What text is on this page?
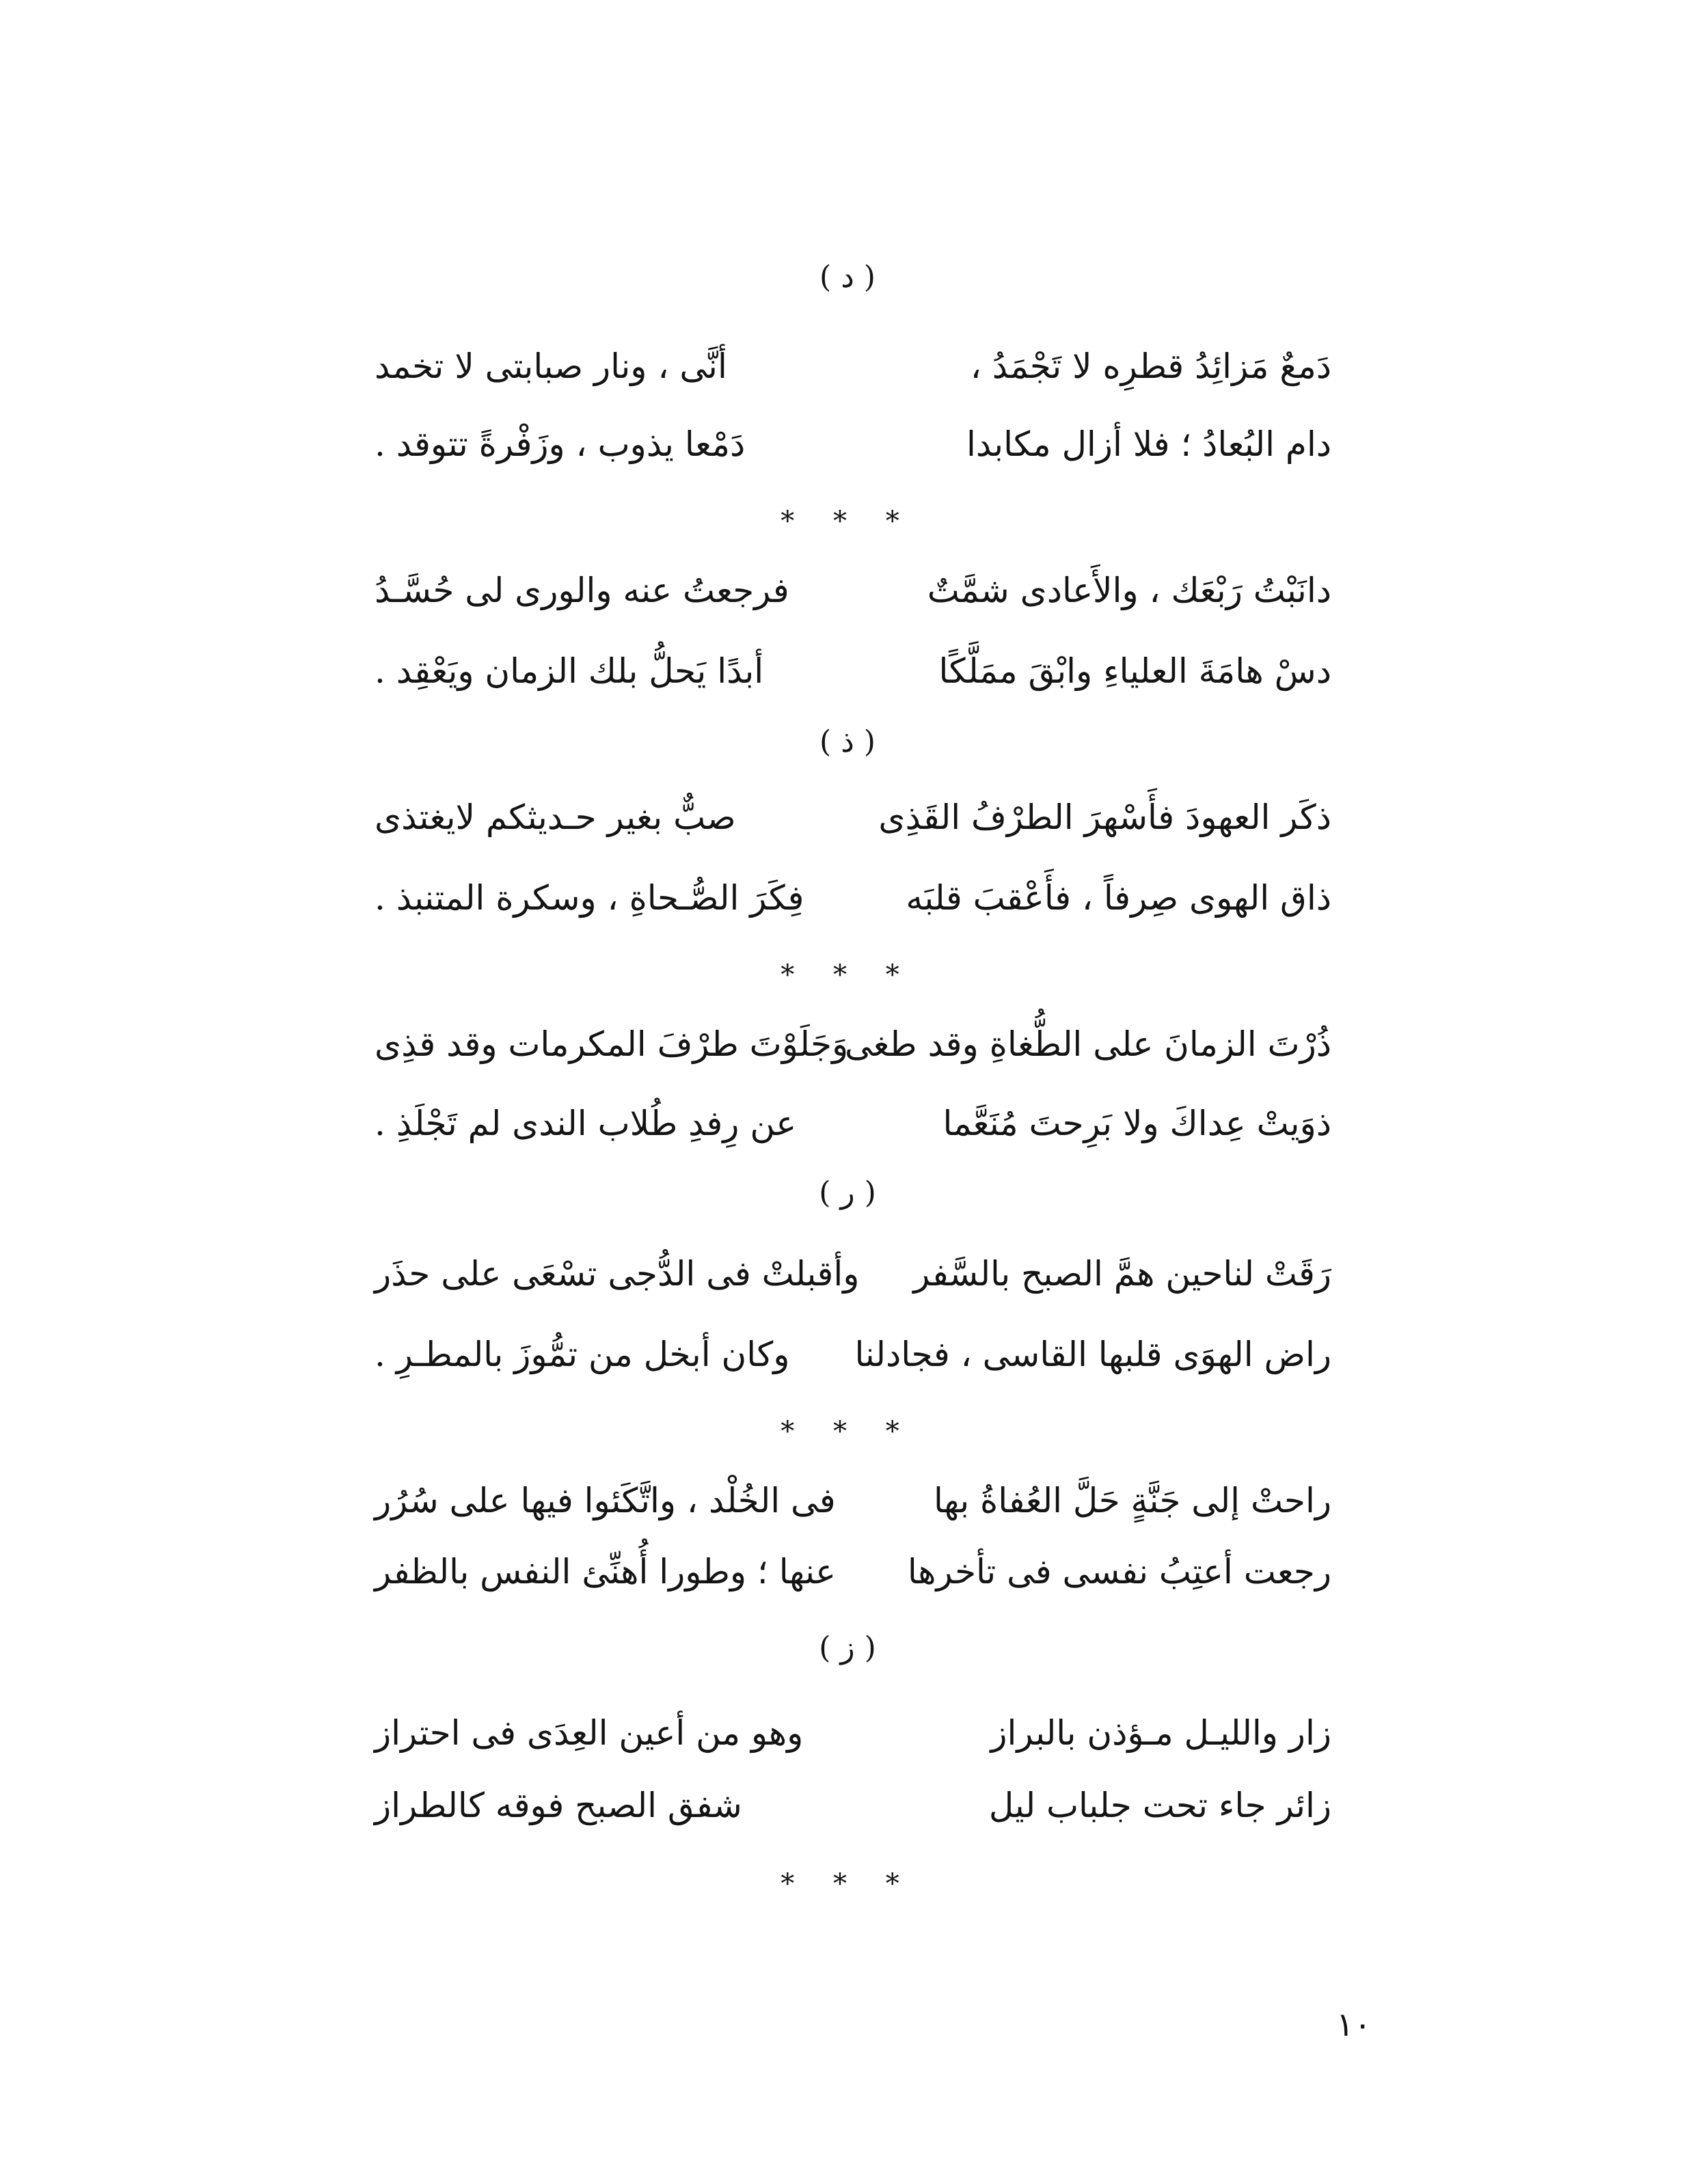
( د )
دَمعٌ مَزائِدُ قطرِه لا تَجْمَدُ ،
أنَّى ، ونار صبابتى لا تخمد
دام البُعادُ ؛ فلا أزال مكابدا
دَمْعا يذوب ، وزَفْرةً تتوقد .
* * *
دانَبْتُ رَبْعَك ، والأَعادى شمَّتٌ
فرجعتُ عنه والورى لى حُسَّـدُ
دسْ هامَةَ العلياءِ وابْقَ ممَلَّكًا
أبدًا يَحلُّ بلك الزمان ويَعْقِد .
( ذ )
ذكَر العهودَ فأَسْهرَ الطرْفُ القَذِى
صبٌّ بغير حـديثكم لايغتذى
ذاق الهوى صِرفاً ، فأَعْقبَ قلبَه
فِكَرَ الصُّـحاةِ ، وسكرة المتنبذ .
* * *
ذُرْتَ الزمانَ على الطُّغاةِ وقد طغى
وَجَلَوْتَ طرْفَ المكرمات وقد قذِى
ذوَيتْ عِداكَ ولا بَرِحتَ مُنَعَّما
عن رِفدِ طُلاب الندى لم تَجْلَذِ .
( ر )
رَقَتْ لناحين همَّ الصبح بالسَّفر
وأقبلتْ فى الدُّجى تسْعَى على حذَر
راض الهوَى قلبها القاسى ، فجادلنا
وكان أبخل من تمُّوزَ بالمطـرِ .
* * *
راحتْ إلى جَنَّةٍ حَلَّ العُفاةُ بها
فى الخُلْد ، واتَّكَئوا فيها على سُرُر
رجعت أعتِبُ نفسى فى تأخرها
عنها ؛ وطورا أُهنِّئ النفس بالظفر
( ز )
زار والليـل مـؤذن بالبراز
وهو من أعين العِدَى فى احتراز
زائر جاء تحت جلباب ليل
شفق الصبح فوقه كالطراز
* * *
١٠
